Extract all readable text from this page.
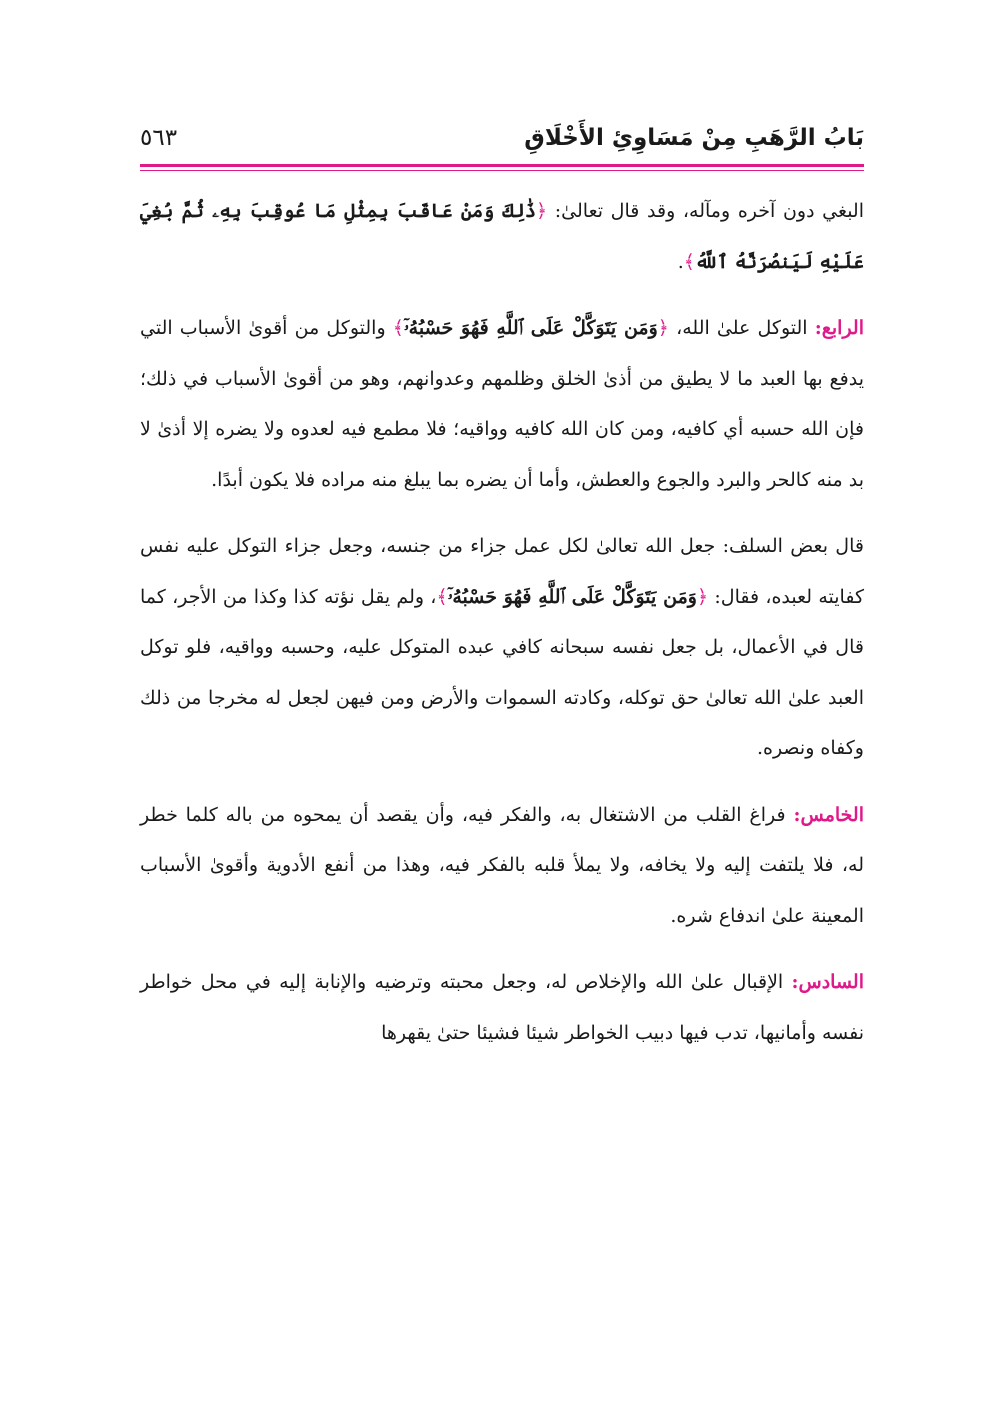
بَابُ الرَّهَبِ مِنْ مَسَاوِئِ الأَخْلَاقِ
٥٦٣

البغي دون آخره ومآله، وقد قال تعالىٰ: ﴿ذَٰلِكَ وَمَنْ عَاقَبَ بِمِثْلِ مَا عُوقِبَ بِهِۦ ثُمَّ بُغِيَ عَلَيْهِ لَيَنصُرَنَّهُ ٱللَّهُ﴾.

الرابع: التوكل علىٰ الله، ﴿وَمَن يَتَوَكَّلْ عَلَى ٱللَّهِ فَهُوَ حَسْبُهُۥٓ﴾ والتوكل من أقوىٰ الأسباب التي يدفع بها العبد ما لا يطيق من أذىٰ الخلق وظلمهم وعدوانهم، وهو من أقوىٰ الأسباب في ذلك؛ فإن الله حسبه أي كافيه، ومن كان الله كافيه وواقيه؛ فلا مطمع فيه لعدوه ولا يضره إلا أذىٰ لا بد منه كالحر والبرد والجوع والعطش، وأما أن يضره بما يبلغ منه مراده فلا يكون أبدًا.

قال بعض السلف: جعل الله تعالىٰ لكل عمل جزاء من جنسه، وجعل جزاء التوكل عليه نفس كفايته لعبده، فقال: ﴿وَمَن يَتَوَكَّلْ عَلَى ٱللَّهِ فَهُوَ حَسْبُهُۥٓ﴾، ولم يقل نؤته كذا وكذا من الأجر، كما قال في الأعمال، بل جعل نفسه سبحانه كافي عبده المتوكل عليه، وحسبه وواقيه، فلو توكل العبد علىٰ الله تعالىٰ حق توكله، وكادته السموات والأرض ومن فيهن لجعل له مخرجا من ذلك وكفاه ونصره.

الخامس: فراغ القلب من الاشتغال به، والفكر فيه، وأن يقصد أن يمحوه من باله كلما خطر له، فلا يلتفت إليه ولا يخافه، ولا يملأ قلبه بالفكر فيه، وهذا من أنفع الأدوية وأقوىٰ الأسباب المعينة علىٰ اندفاع شره.

السادس: الإقبال علىٰ الله والإخلاص له، وجعل محبته وترضيه والإنابة إليه في محل خواطر نفسه وأمانيها، تدب فيها دبيب الخواطر شيئا فشيئا حتىٰ يقهرها
